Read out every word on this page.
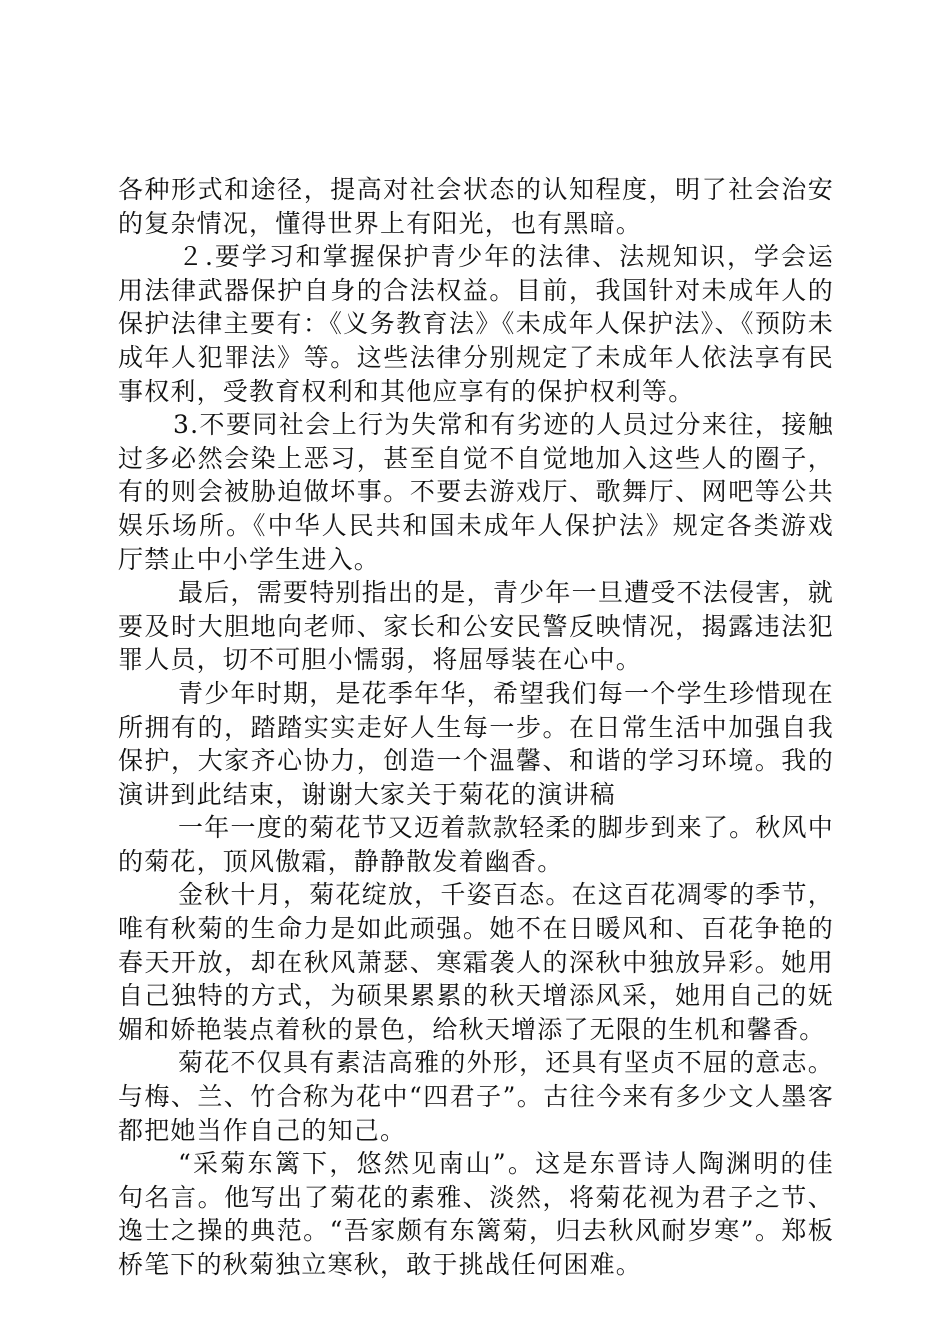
各种形式和途径，提高对社会状态的认知程度，明了社会治安的复杂情况，懂得世界上有阳光，也有黑暗。

２.要学习和掌握保护青少年的法律、法规知识，学会运用法律武器保护自身的合法权益。目前，我国针对未成年人的保护法律主要有：《义务教育法》《未成年人保护法》、《预防未成年人犯罪法》等。这些法律分别规定了未成年人依法享有民事权利，受教育权利和其他应享有的保护权利等。

3.不要同社会上行为失常和有劣迹的人员过分来往，接触过多必然会染上恶习，甚至自觉不自觉地加入这些人的圈子，有的则会被胁迫做坏事。不要去游戏厅、歌舞厅、网吧等公共娱乐场所。《中华人民共和国未成年人保护法》规定各类游戏厅禁止中小学生进入。

最后，需要特别指出的是，青少年一旦遭受不法侵害，就要及时大胆地向老师、家长和公安民警反映情况，揭露违法犯罪人员，切不可胆小懦弱，将屈辱装在心中。

青少年时期，是花季年华，希望我们每一个学生珍惜现在所拥有的，踏踏实实走好人生每一步。在日常生活中加强自我保护，大家齐心协力，创造一个温馨、和谐的学习环境。我的演讲到此结束，谢谢大家关于菊花的演讲稿

一年一度的菊花节又迈着款款轻柔的脚步到来了。秋风中的菊花，顶风傲霜，静静散发着幽香。

金秋十月，菊花绽放，千姿百态。在这百花凋零的季节，唯有秋菊的生命力是如此顽强。她不在日暖风和、百花争艳的春天开放，却在秋风萧瑟、寒霜袭人的深秋中独放异彩。她用自己独特的方式，为硕果累累的秋天增添风采，她用自己的妩媚和娇艳装点着秋的景色，给秋天增添了无限的生机和馨香。

菊花不仅具有素洁高雅的外形，还具有坚贞不屈的意志。与梅、兰、竹合称为花中“四君子”。古往今来有多少文人墨客都把她当作自己的知己。

“采菊东篱下，悠然见南山”。这是东晋诗人陶渊明的佳句名言。他写出了菊花的素雅、淡然，将菊花视为君子之节、逸士之操的典范。“吾家颇有东篱菊，归去秋风耐岁寒”。郑板桥笔下的秋菊独立寒秋，敢于挑战任何困难。
